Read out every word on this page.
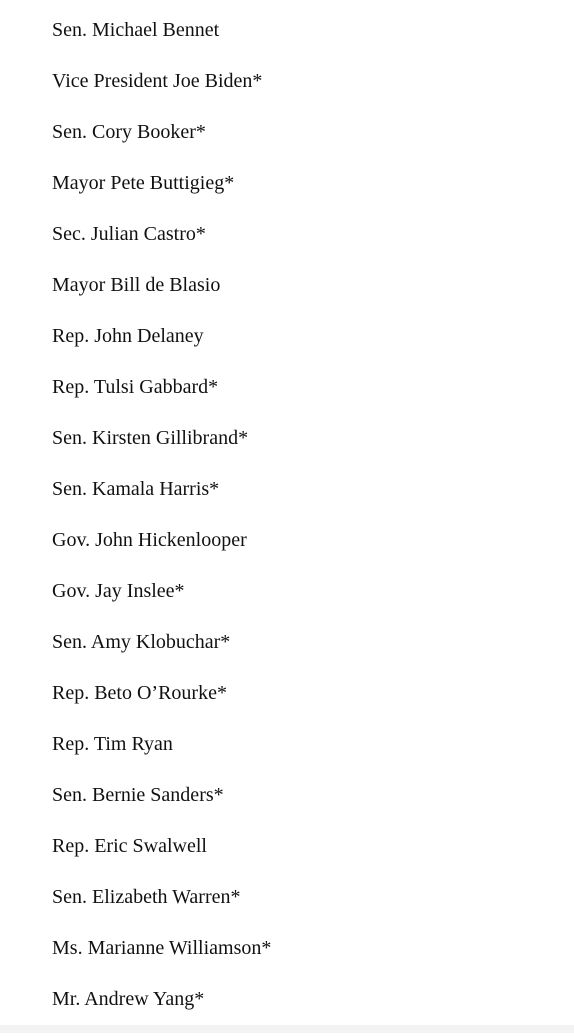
Sen. Michael Bennet
Vice President Joe Biden*
Sen. Cory Booker*
Mayor Pete Buttigieg*
Sec. Julian Castro*
Mayor Bill de Blasio
Rep. John Delaney
Rep. Tulsi Gabbard*
Sen. Kirsten Gillibrand*
Sen. Kamala Harris*
Gov. John Hickenlooper
Gov. Jay Inslee*
Sen. Amy Klobuchar*
Rep. Beto O’Rourke*
Rep. Tim Ryan
Sen. Bernie Sanders*
Rep. Eric Swalwell
Sen. Elizabeth Warren*
Ms. Marianne Williamson*
Mr. Andrew Yang*
